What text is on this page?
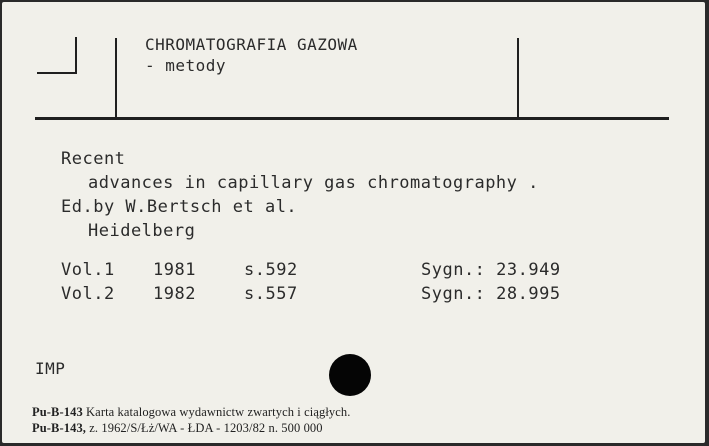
CHROMATOGRAFIA GAZOWA
- metody
Recent
advances in capillary gas chromatography .
Ed.by W.Bertsch et al.
Heidelberg
Vol.1 1981	s.592	Sygn.: 23.949
Vol.2 1982	s.557	Sygn.: 28.995
IMP
Pu-B-143 Karta katalogowa wydawnictw zwartych i ciągłych.
Pu-B-143, z. 1962/S/Łż/WA - ŁDA - 1203/82 n. 500 000
